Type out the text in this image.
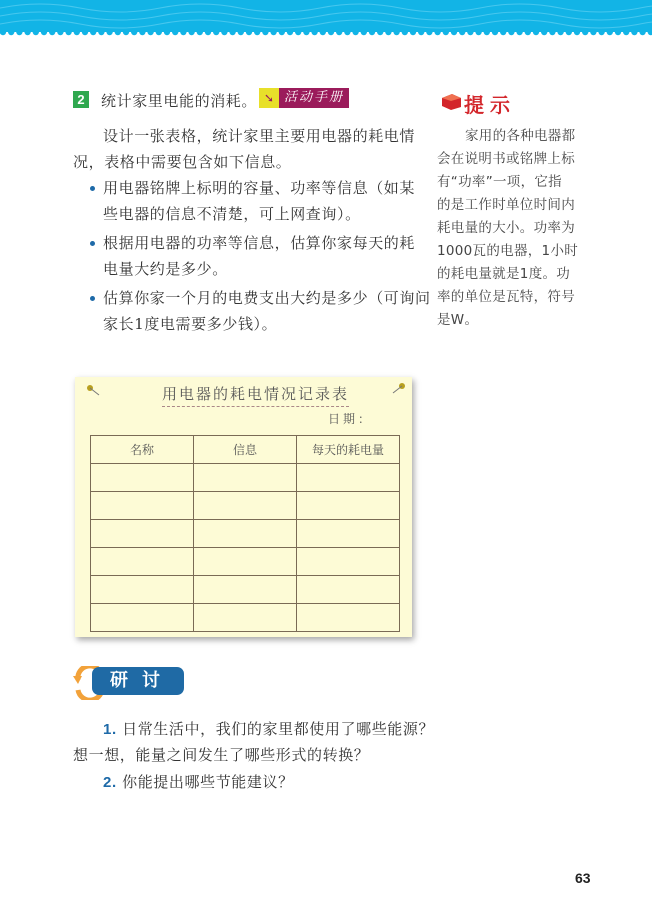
2 统计家里电能的消耗。 ➘ 活动手册
设计一张表格，统计家里主要用电器的耗电情
况，表格中需要包含如下信息。
用电器铭牌上标明的容量、功率等信息（如某
些电器的信息不清楚，可上网查询）。
根据用电器的功率等信息，估算你家每天的耗
电量大约是多少。
估算你家一个月的电费支出大约是多少（可询问
家长1度电需要多少钱）。
提示
家用的各种电器都
会在说明书或铭牌上标
有“功率”一项，它指
的是工作时单位时间内
耗电量的大小。功率为
1000瓦的电器，1小时
的耗电量就是1度。功
率的单位是瓦特，符号
是W。
用电器的耗电情况记录表
日期：
名称	信息	每天的耗电量

研讨
1. 日常生活中，我们的家里都使用了哪些能源？
想一想，能量之间发生了哪些形式的转换？
2. 你能提出哪些节能建议？
63
